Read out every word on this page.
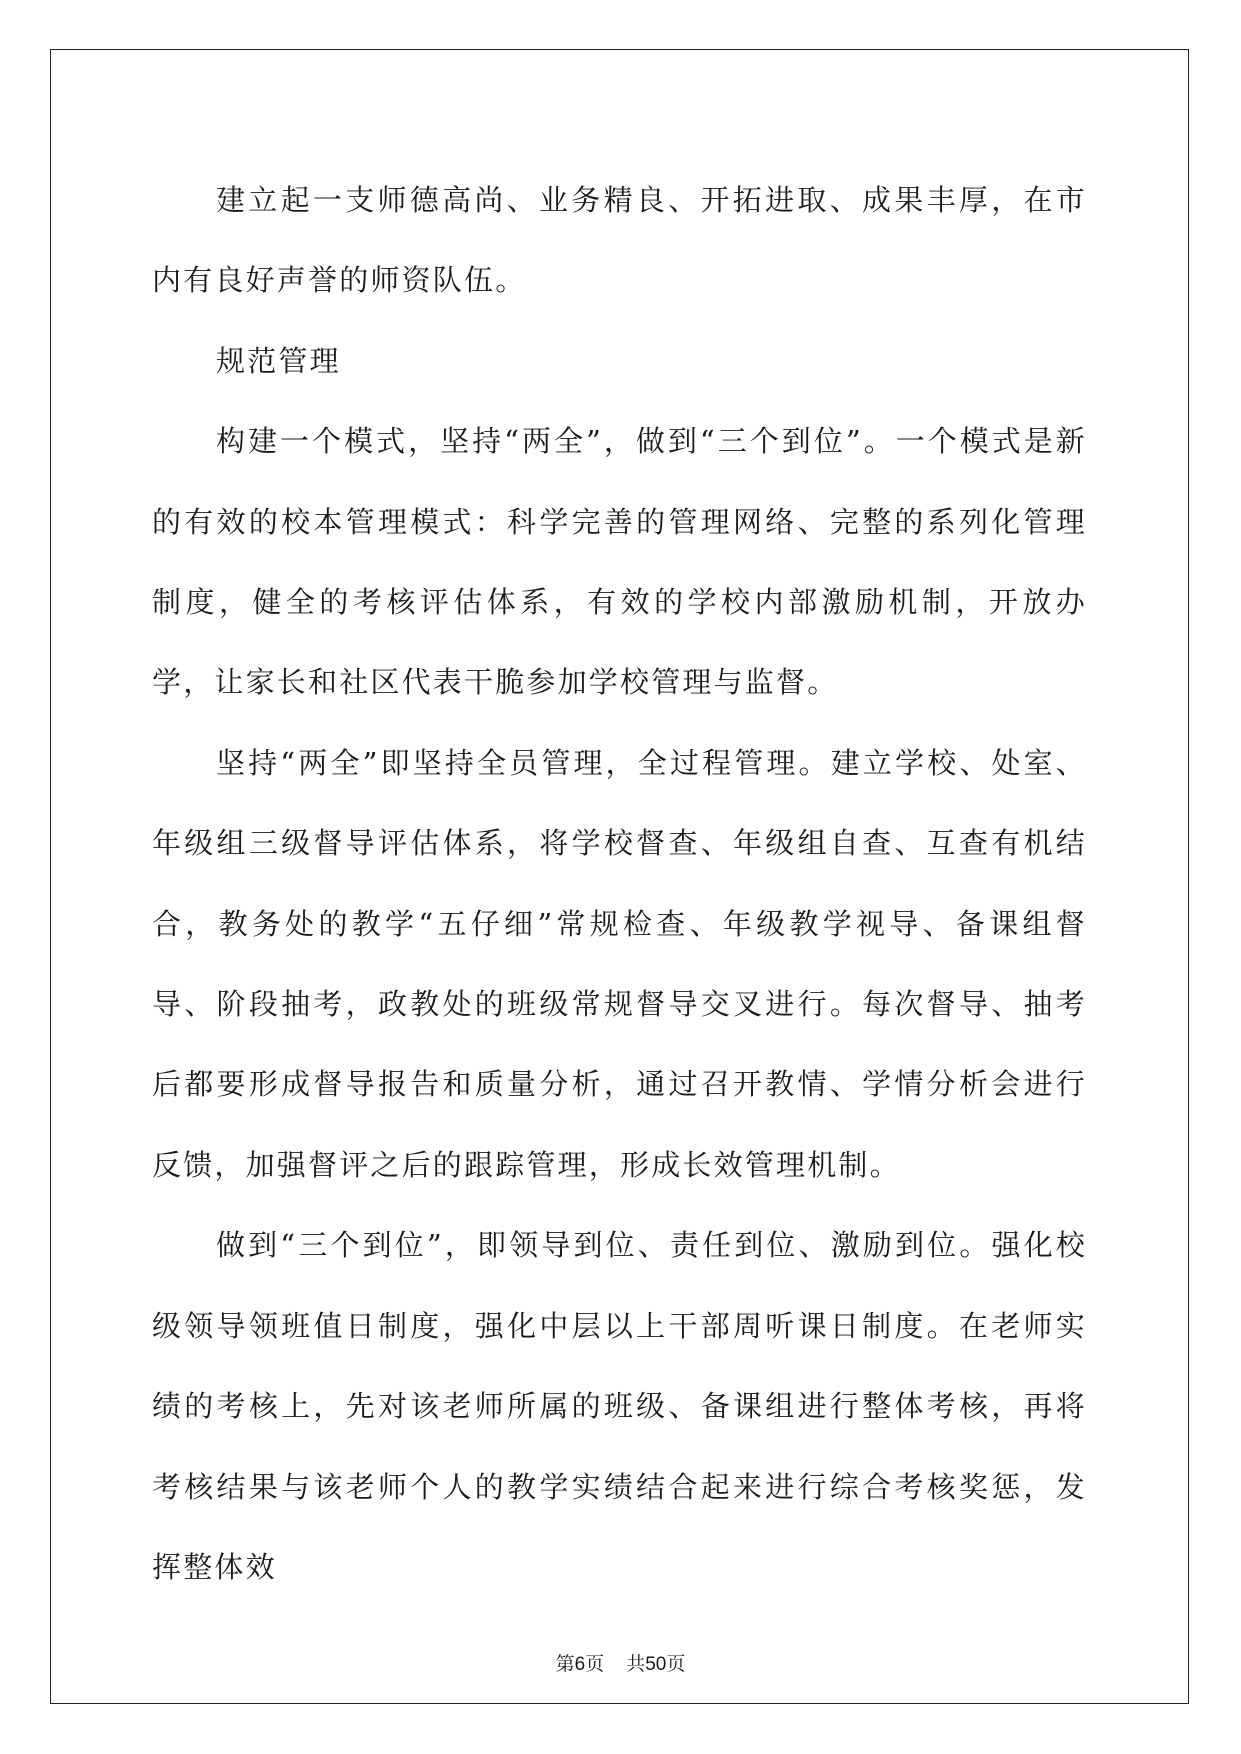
建立起一支师德高尚、业务精良、开拓进取、成果丰厚，在市内有良好声誉的师资队伍。

规范管理

构建一个模式，坚持“两全”，做到“三个到位”。一个模式是新的有效的校本管理模式：科学完善的管理网络、完整的系列化管理制度，健全的考核评估体系，有效的学校内部激励机制，开放办学，让家长和社区代表干脆参加学校管理与监督。

坚持“两全”即坚持全员管理，全过程管理。建立学校、处室、年级组三级督导评估体系，将学校督查、年级组自查、互查有机结合，教务处的教学“五仔细”常规检查、年级教学视导、备课组督导、阶段抽考，政教处的班级常规督导交叉进行。每次督导、抽考后都要形成督导报告和质量分析，通过召开教情、学情分析会进行反馈，加强督评之后的跟踪管理，形成长效管理机制。

做到“三个到位”，即领导到位、责任到位、激励到位。强化校级领导领班值日制度，强化中层以上干部周听课日制度。在老师实绩的考核上，先对该老师所属的班级、备课组进行整体考核，再将考核结果与该老师个人的教学实绩结合起来进行综合考核奖惩，发挥整体效

第6页 共50页
